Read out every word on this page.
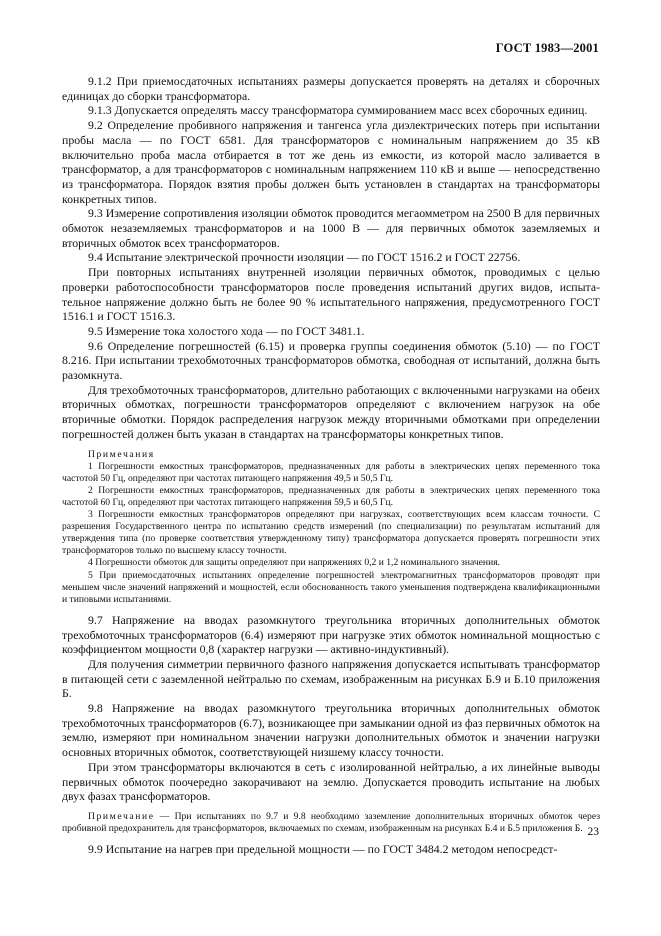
ГОСТ 1983—2001

9.1.2 При приемосдаточных испытаниях размеры допускается проверять на деталях и сборочных единицах до сборки трансформатора.

9.1.3 Допускается определять массу трансформатора суммированием масс всех сборочных единиц.

9.2 Определение пробивного напряжения и тангенса угла диэлектрических потерь при испытании пробы масла — по ГОСТ 6581. Для трансформаторов с номинальным напряжением до 35 кВ включительно проба масла отбирается в тот же день из емкости, из которой масло заливается в трансформатор, а для трансформаторов с номинальным напряжением 110 кВ и выше — непосредственно из трансформатора. Порядок взятия пробы должен быть установлен в стандартах на трансформаторы конкретных типов.

9.3 Измерение сопротивления изоляции обмоток проводится мегаомметром на 2500 В для первичных обмоток незаземляемых трансформаторов и на 1000 В — для первичных обмоток заземляемых и вторичных обмоток всех трансформаторов.

9.4 Испытание электрической прочности изоляции — по ГОСТ 1516.2 и ГОСТ 22756.

При повторных испытаниях внутренней изоляции первичных обмоток, проводимых с целью проверки работоспособности трансформаторов после проведения испытаний других видов, испытательное напряжение должно быть не более 90 % испытательного напряжения, предусмотренного ГОСТ 1516.1 и ГОСТ 1516.3.

9.5 Измерение тока холостого хода — по ГОСТ 3481.1.

9.6 Определение погрешностей (6.15) и проверка группы соединения обмоток (5.10) — по ГОСТ 8.216. При испытании трехобмоточных трансформаторов обмотка, свободная от испытаний, должна быть разомкнута.

Для трехобмоточных трансформаторов, длительно работающих с включенными нагрузками на обеих вторичных обмотках, погрешности трансформаторов определяют с включением нагрузок на обе вторичные обмотки. Порядок распределения нагрузок между вторичными обмотками при определении погрешностей должен быть указан в стандартах на трансформаторы конкретных типов.

Примечания

1 Погрешности емкостных трансформаторов, предназначенных для работы в электрических цепях переменного тока частотой 50 Гц, определяют при частотах питающего напряжения 49,5 и 50,5 Гц.

2 Погрешности емкостных трансформаторов, предназначенных для работы в электрических цепях переменного тока частотой 60 Гц, определяют при частотах питающего напряжения 59,5 и 60,5 Гц.

3 Погрешности емкостных трансформаторов определяют при нагрузках, соответствующих всем классам точности. С разрешения Государственного центра по испытанию средств измерений (по специализации) по результатам испытаний для утверждения типа (по проверке соответствия утвержденному типу) трансформатора допускается проверять погрешности этих трансформаторов только по высшему классу точности.

4 Погрешности обмоток для защиты определяют при напряжениях 0,2 и 1,2 номинального значения.

5 При приемосдаточных испытаниях определение погрешностей электромагнитных трансформаторов проводят при меньшем числе значений напряжений и мощностей, если обоснованность такого уменьшения подтверждена квалификационными и типовыми испытаниями.

9.7 Напряжение на вводах разомкнутого треугольника вторичных дополнительных обмоток трехобмоточных трансформаторов (6.4) измеряют при нагрузке этих обмоток номинальной мощностью с коэффициентом мощности 0,8 (характер нагрузки — активно-индуктивный).

Для получения симметрии первичного фазного напряжения допускается испытывать трансформатор в питающей сети с заземленной нейтралью по схемам, изображенным на рисунках Б.9 и Б.10 приложения Б.

9.8 Напряжение на вводах разомкнутого треугольника вторичных дополнительных обмоток трехобмоточных трансформаторов (6.7), возникающее при замыкании одной из фаз первичных обмоток на землю, измеряют при номинальном значении нагрузки дополнительных обмоток и значении нагрузки основных вторичных обмоток, соответствующей низшему классу точности.

При этом трансформаторы включаются в сеть с изолированной нейтралью, а их линейные выводы первичных обмоток поочередно закорачивают на землю. Допускается проводить испытание на любых двух фазах трансформаторов.

Примечание — При испытаниях по 9.7 и 9.8 необходимо заземление дополнительных вторичных обмоток через пробивной предохранитель для трансформаторов, включаемых по схемам, изображенным на рисунках Б.4 и Б.5 приложения Б.

9.9 Испытание на нагрев при предельной мощности — по ГОСТ 3484.2 методом непосредст-

23
